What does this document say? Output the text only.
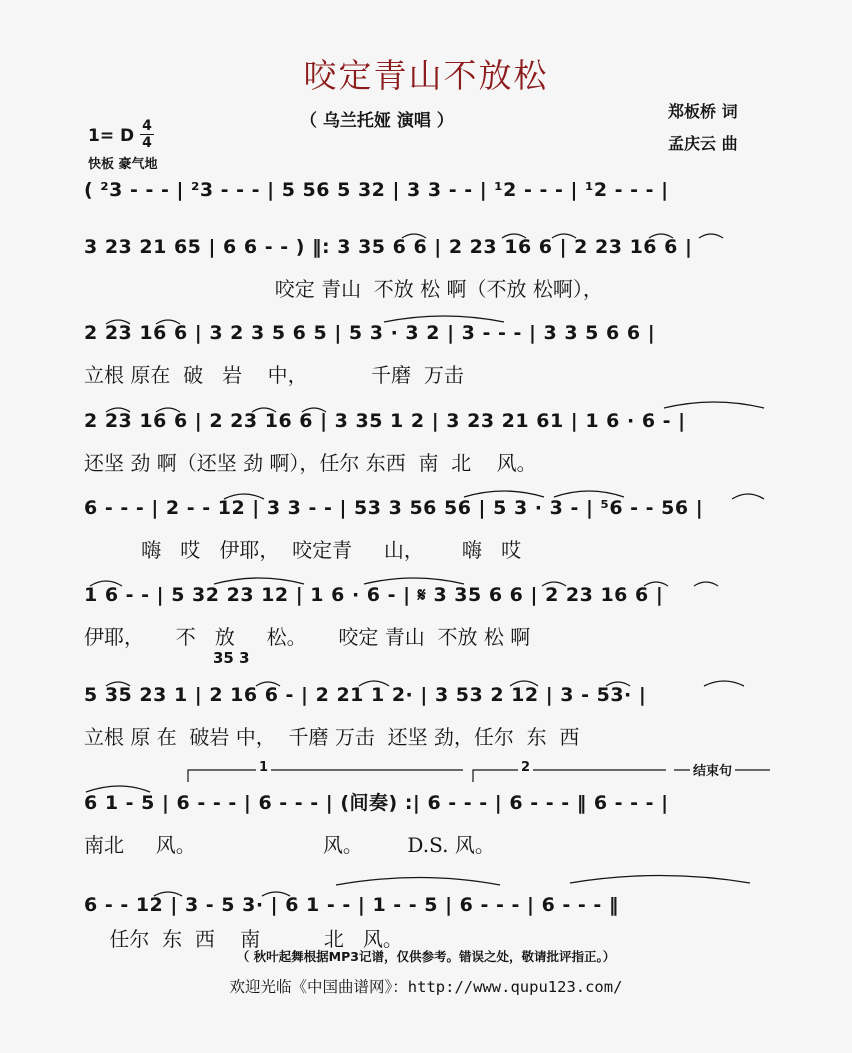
咬定青山不放松
（ 乌兰托娅 演唱 ）	郑板桥 词
孟庆云 曲
1= D 4
4
快板 豪气地
( ²3 - - - | ²3 - - - | 5 56 5 32 | 3 3 - - | ¹2 - - - | ¹2 - - - |
3 23 21 65 | 6 6 - - ) ‖: 3 35 6 6 | 2 23 16 6 | 2 23 16 6 |
咬定 青山  不放 松 啊（不放 松啊），
2 23 16 6 | 3 2 3 5 6 5 | 5 3 · 3 2 | 3 - - - | 3 3 5 6 6 |
立根 原在  破   岩    中，          千磨  万击
2 23 16 6 | 2 23 16 6 | 3 35 1 2 | 3 23 21 61 | 1 6 · 6 - |
还坚 劲 啊（还坚 劲 啊），任尔 东西  南  北    风。
6 - - - | 2 - - 12 | 3 3 - - | 53 3 56 56 | 5 3 · 3 - | ⁵6 - - 56 |
嗨   哎   伊耶，  咬定青     山，      嗨   哎
1 6 - - | 5 32 23 12 | 1 6 · 6 - | 𝄋 3 35 6 6 | 2 23 16 6 |
伊耶，     不   放     松。     咬定 青山  不放 松 啊
35 3
5 35 23 1 | 2 16 6 - | 2 21 1 2· | 3 53 2 12 | 3 - 53· |
立根 原 在  破岩 中，  千磨 万击  还坚 劲，任尔  东  西
1	2	结束句
6 1 - 5 | 6 - - - | 6 - - - | (间奏) :| 6 - - - | 6 - - - ‖ 6 - - - |
南北     风。                    风。       D.S. 风。
6 - - 12 | 3 - 5 3· | 6 1 - - | 1 - - 5 | 6 - - - | 6 - - - ‖
任尔  东  西    南          北   风。
（ 秋叶起舞根据MP3记谱，仅供参考。错误之处，敬请批评指正。）
欢迎光临《中国曲谱网》：http://www.qupu123.com/
